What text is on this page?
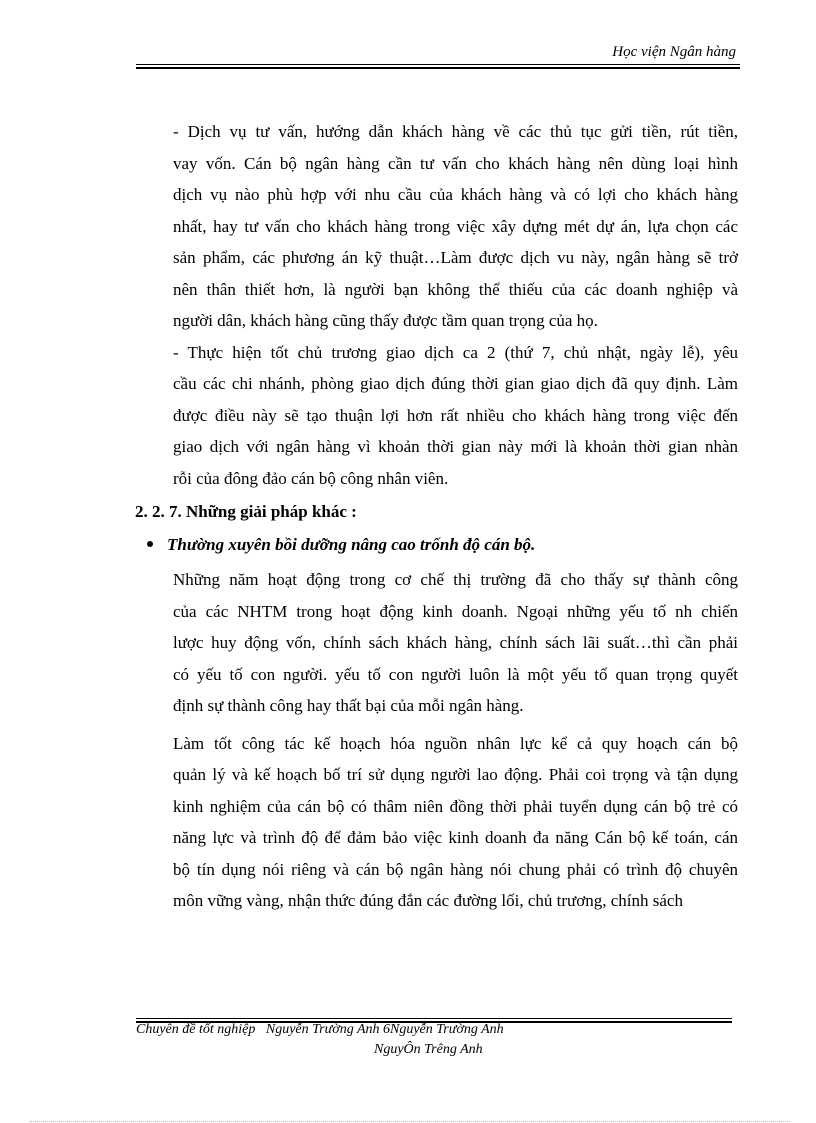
Học viện Ngân hàng

- Dịch vụ tư vấn, hướng dẫn khách hàng về các thủ tục gửi tiền, rút tiền,
vay vốn. Cán bộ ngân hàng cần tư vấn cho khách hàng nên dùng loại hình
dịch vụ nào phù hợp với nhu cầu của khách hàng và có lợi cho khách hàng
nhất, hay tư vấn cho khách hàng trong việc xây dựng mét dự án, lựa chọn các
sản phẩm, các phương án kỹ thuật…Làm được dịch vu này, ngân hàng sẽ trở
nên thân thiết hơn, là người bạn không thể thiếu của các doanh nghiệp và
người dân, khách hàng cũng thấy được tầm quan trọng của họ.

- Thực hiện tốt chủ trương giao dịch ca 2 (thứ 7, chủ nhật, ngày lễ), yêu
cầu các chi nhánh, phòng giao dịch đúng thời gian giao dịch đã quy định. Làm
được điều này sẽ tạo thuận lợi hơn rất nhiều cho khách hàng trong việc đến
giao dịch với ngân hàng vì khoản thời gian này mới là khoản thời gian nhàn
rỗi của đông đảo cán bộ công nhân viên.

2. 2. 7. Những giải pháp khác :
Thường xuyên bồi dưỡng nâng cao trốnh độ cán bộ.

Những năm hoạt động trong cơ chế thị trường đã cho thấy sự thành công
của các NHTM trong hoạt động kinh doanh. Ngoại những yếu tố nh chiến
lược huy động vốn, chính sách khách hàng, chính sách lãi suất…thì cần phải
có yếu tố con người. yếu tố con người luôn là một yếu tố quan trọng quyết
định sự thành công hay thất bại của mỗi ngân hàng.

Làm tốt công tác kế hoạch hóa nguồn nhân lực kể cả quy hoạch cán bộ
quản lý và kế hoạch bố trí sử dụng người lao động. Phải coi trọng và tận dụng
kinh nghiệm của cán bộ có thâm niên đồng thời phải tuyển dụng cán bộ trẻ có
năng lực và trình độ để đảm bảo việc kinh doanh đa năng Cán bộ kế toán, cán
bộ tín dụng nói riêng và cán bộ ngân hàng nói chung phải có trình độ chuyên
môn vững vàng, nhận thức đúng đắn các đường lối, chủ trương, chính sách

Chuyên đề tốt nghiệp   Nguyễn Trường Anh 6Nguyễn Trường Anh
NguyÔn Trêng Anh
